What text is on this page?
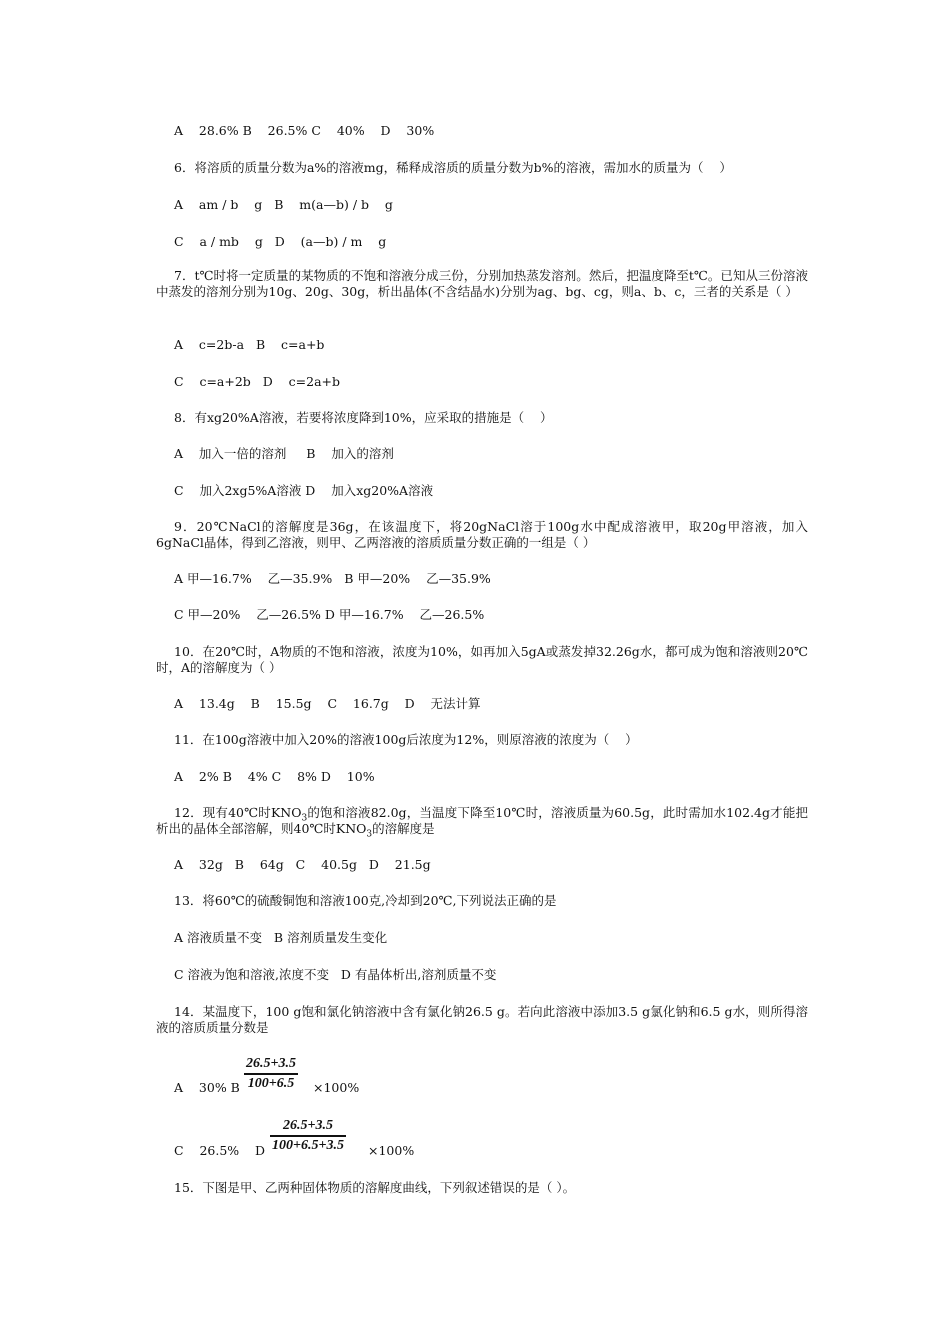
A    28.6% B    26.5% C    40%    D    30%
6．将溶质的质量分数为a%的溶液mg，稀释成溶质的质量分数为b%的溶液，需加水的质量为（    ）
A    am / b    g   B    m(a—b) / b    g
C    a / mb    g   D    (a—b) / m    g
7．t℃时将一定质量的某物质的不饱和溶液分成三份，分别加热蒸发溶剂。然后，把温度降至t℃。已知从三份溶液中蒸发的溶剂分别为10g、20g、30g，析出晶体(不含结晶水)分别为ag、bg、cg，则a、b、c，三者的关系是（ ）
A    c=2b-a   B    c=a+b
C    c=a+2b   D    c=2a+b
8．有xg20%A溶液，若要将浓度降到10%，应采取的措施是（    ）
A    加入一倍的溶剂     B    加入的溶剂
C    加入2xg5%A溶液 D    加入xg20%A溶液
9．20℃NaCl的溶解度是36g，在该温度下，将20gNaCl溶于100g水中配成溶液甲，取20g甲溶液，加入6gNaCl晶体，得到乙溶液，则甲、乙两溶液的溶质质量分数正确的一组是（ ）
A 甲—16.7%    乙—35.9%   B 甲—20%    乙—35.9%
C 甲—20%    乙—26.5% D 甲—16.7%    乙—26.5%
10．在20℃时，A物质的不饱和溶液，浓度为10%，如再加入5gA或蒸发掉32.26g水，都可成为饱和溶液则20℃时，A的溶解度为（ ）
A    13.4g    B    15.5g    C    16.7g    D    无法计算
11．在100g溶液中加入20%的溶液100g后浓度为12%，则原溶液的浓度为（    ）
A    2% B    4% C    8% D    10%
12．现有40℃时$KNO_3$的饱和溶液82.0g，当温度下降至10℃时，溶液质量为60.5g，此时需加水102.4g才能把析出的晶体全部溶解，则40℃时$KNO_3$的溶解度是
A    32g   B    64g   C    40.5g   D    21.5g
13．将60℃的硫酸铜饱和溶液100克,冷却到20℃,下列说法正确的是
A 溶液质量不变   B 溶剂质量发生变化
C 溶液为饱和溶液,浓度不变   D 有晶体析出,溶剂质量不变
14．某温度下，100 g饱和氯化钠溶液中含有氯化钠26.5 g。若向此溶液中添加3.5 g氯化钠和6.5 g水，则所得溶液的溶质质量分数是
A    30% B
26.5+3.5
100+6.5	×100%
C    26.5%    D
26.5+3.5
100+6.5+3.5 ×100%
15．下图是甲、乙两种固体物质的溶解度曲线，下列叙述错误的是（ ）。
